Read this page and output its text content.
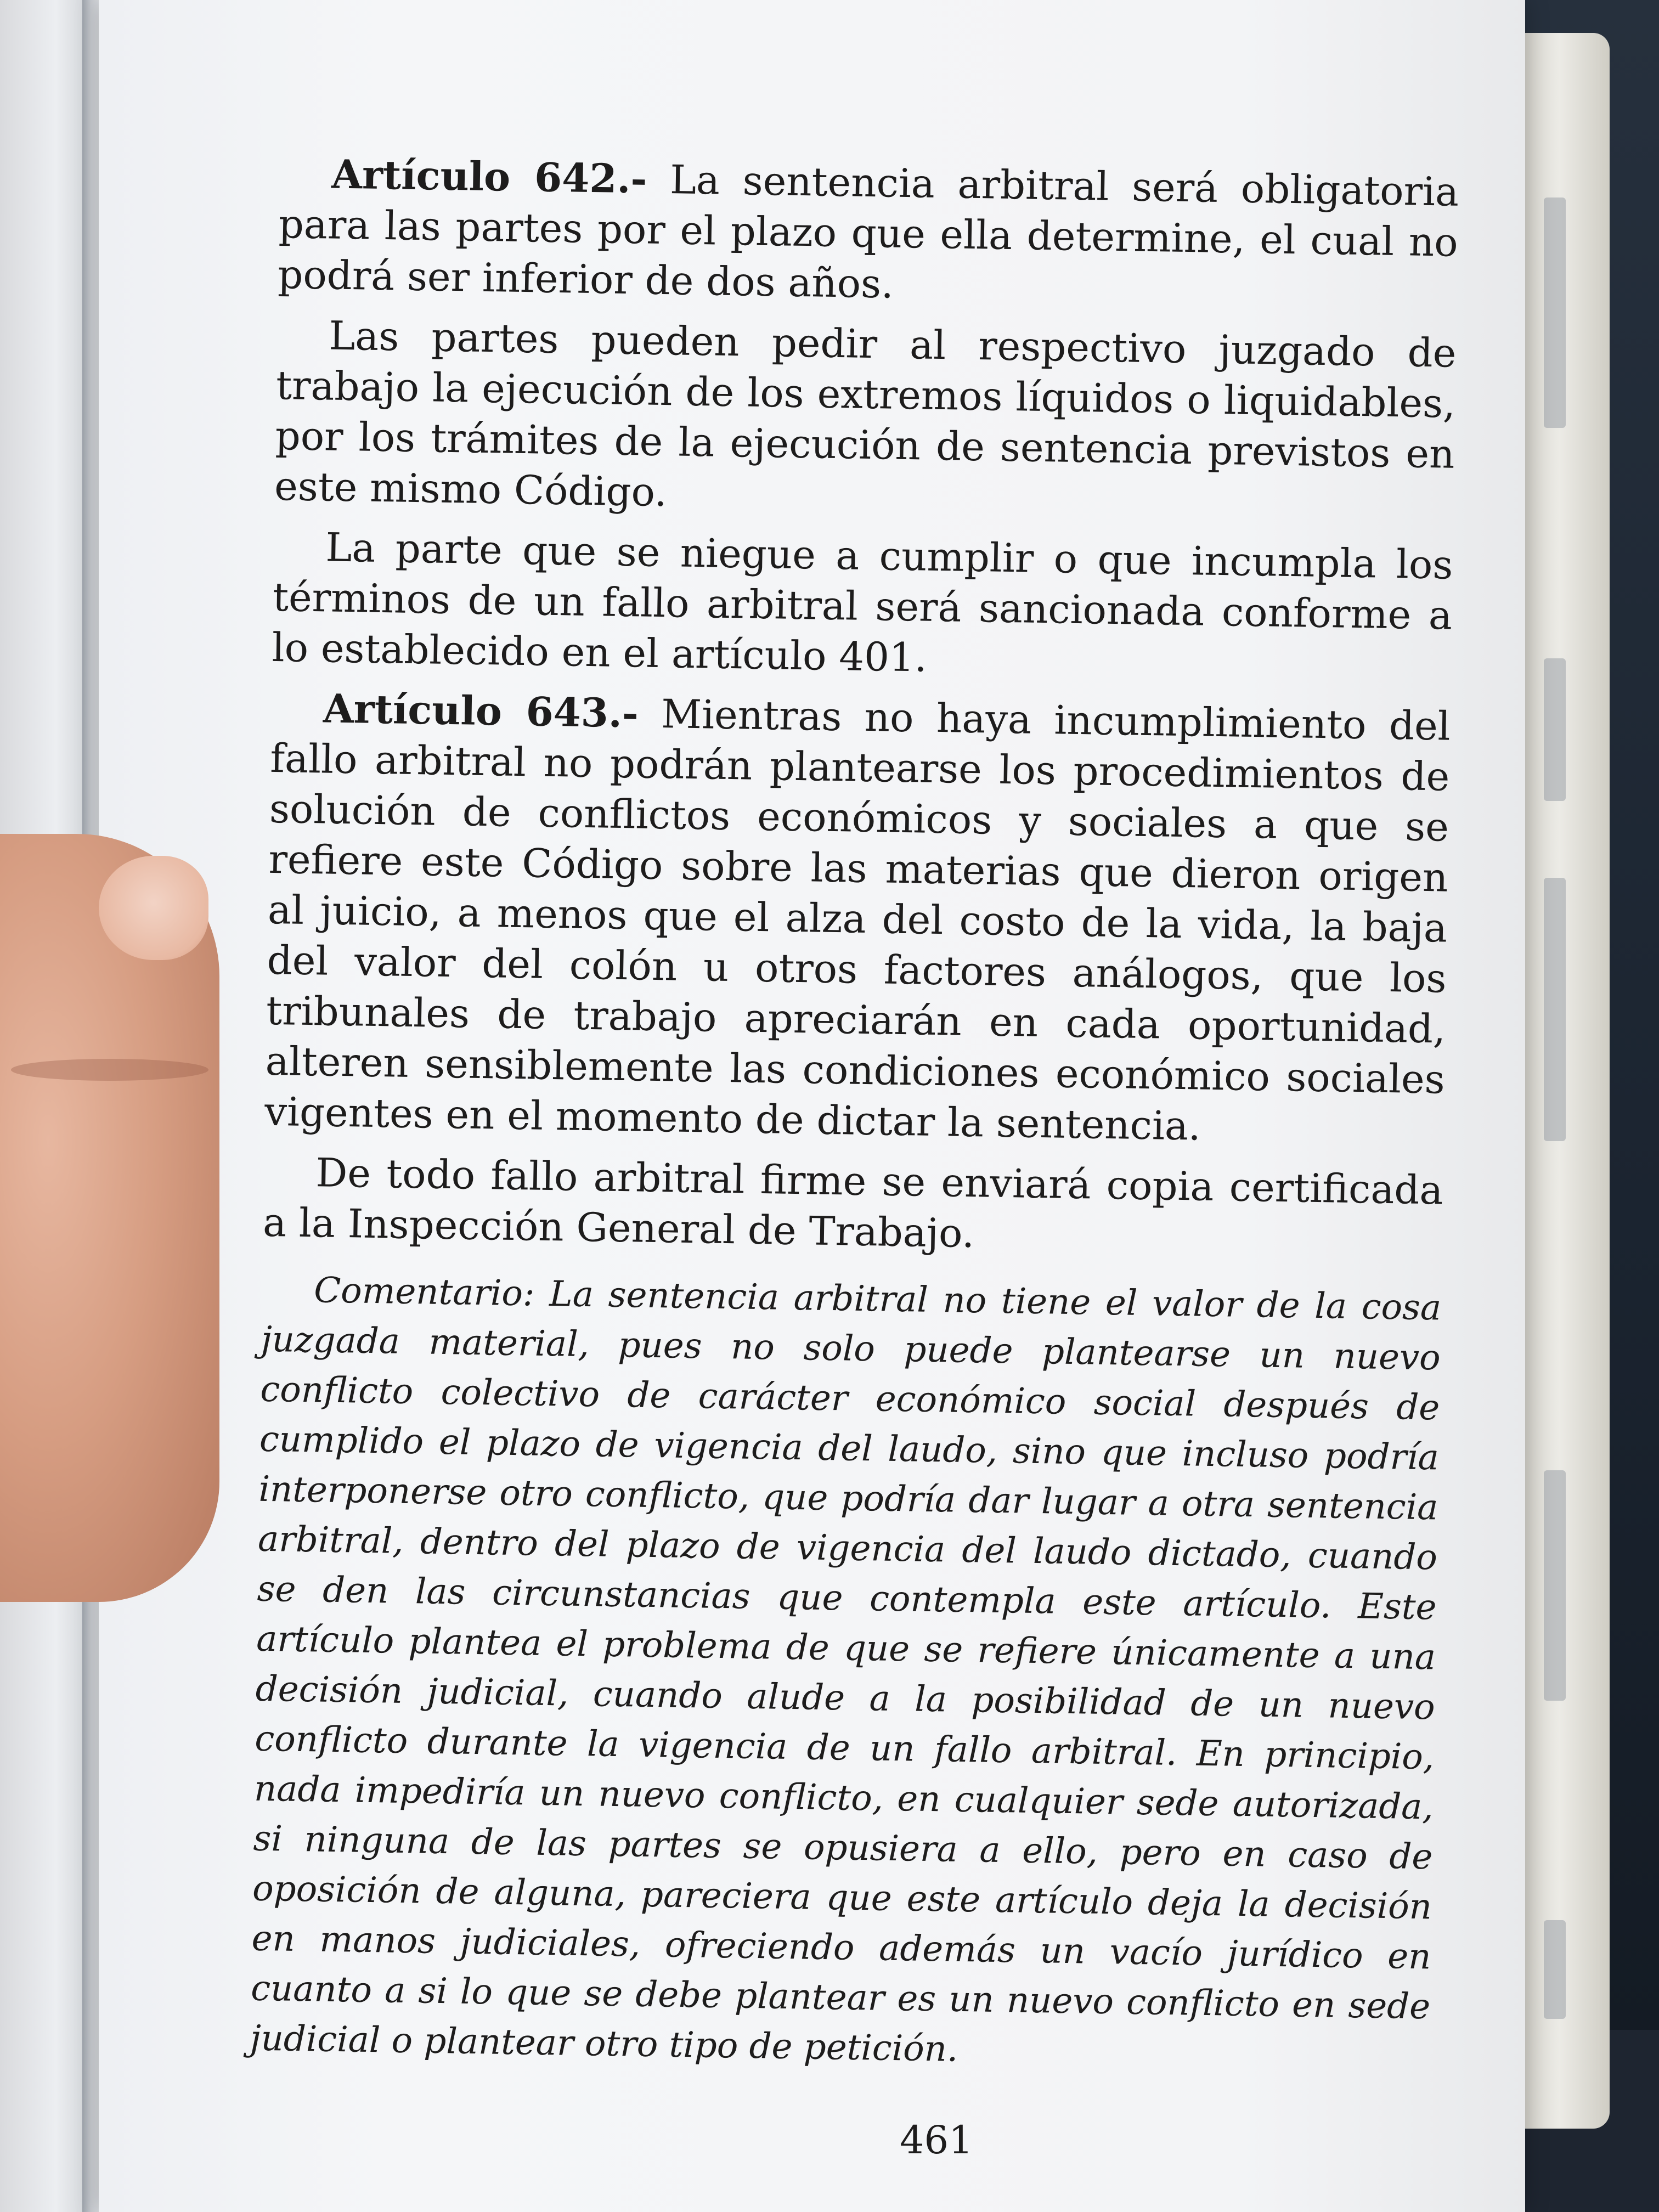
Artículo 642.- La sentencia arbitral será obligatoria para las partes por el plazo que ella determine, el cual no podrá ser inferior de dos años.

Las partes pueden pedir al respectivo juzgado de trabajo la ejecución de los extremos líquidos o liquidables, por los trámites de la ejecución de sentencia previstos en este mismo Código.

La parte que se niegue a cumplir o que incumpla los términos de un fallo arbitral será sancionada conforme a lo establecido en el artículo 401.

Artículo 643.- Mientras no haya incumplimiento del fallo arbitral no podrán plantearse los procedimientos de solución de conflictos económicos y sociales a que se refiere este Código sobre las materias que dieron origen al juicio, a menos que el alza del costo de la vida, la baja del valor del colón u otros factores análogos, que los tribunales de trabajo apreciarán en cada oportunidad, alteren sensiblemente las condiciones económico sociales vigentes en el momento de dictar la sentencia.

De todo fallo arbitral firme se enviará copia certificada a la Inspección General de Trabajo.

Comentario: La sentencia arbitral no tiene el valor de la cosa juzgada material, pues no solo puede plantearse un nuevo conflicto colectivo de carácter económico social después de cumplido el plazo de vigencia del laudo, sino que incluso podría interponerse otro conflicto, que podría dar lugar a otra sentencia arbitral, dentro del plazo de vigencia del laudo dictado, cuando se den las circunstancias que contempla este artículo. Este artículo plantea el problema de que se refiere únicamente a una decisión judicial, cuando alude a la posibilidad de un nuevo conflicto durante la vigencia de un fallo arbitral. En principio, nada impediría un nuevo conflicto, en cualquier sede autorizada, si ninguna de las partes se opusiera a ello, pero en caso de oposición de alguna, pareciera que este artículo deja la decisión en manos judiciales, ofreciendo además un vacío jurídico en cuanto a si lo que se debe plantear es un nuevo conflicto en sede judicial o plantear otro tipo de petición.

461
